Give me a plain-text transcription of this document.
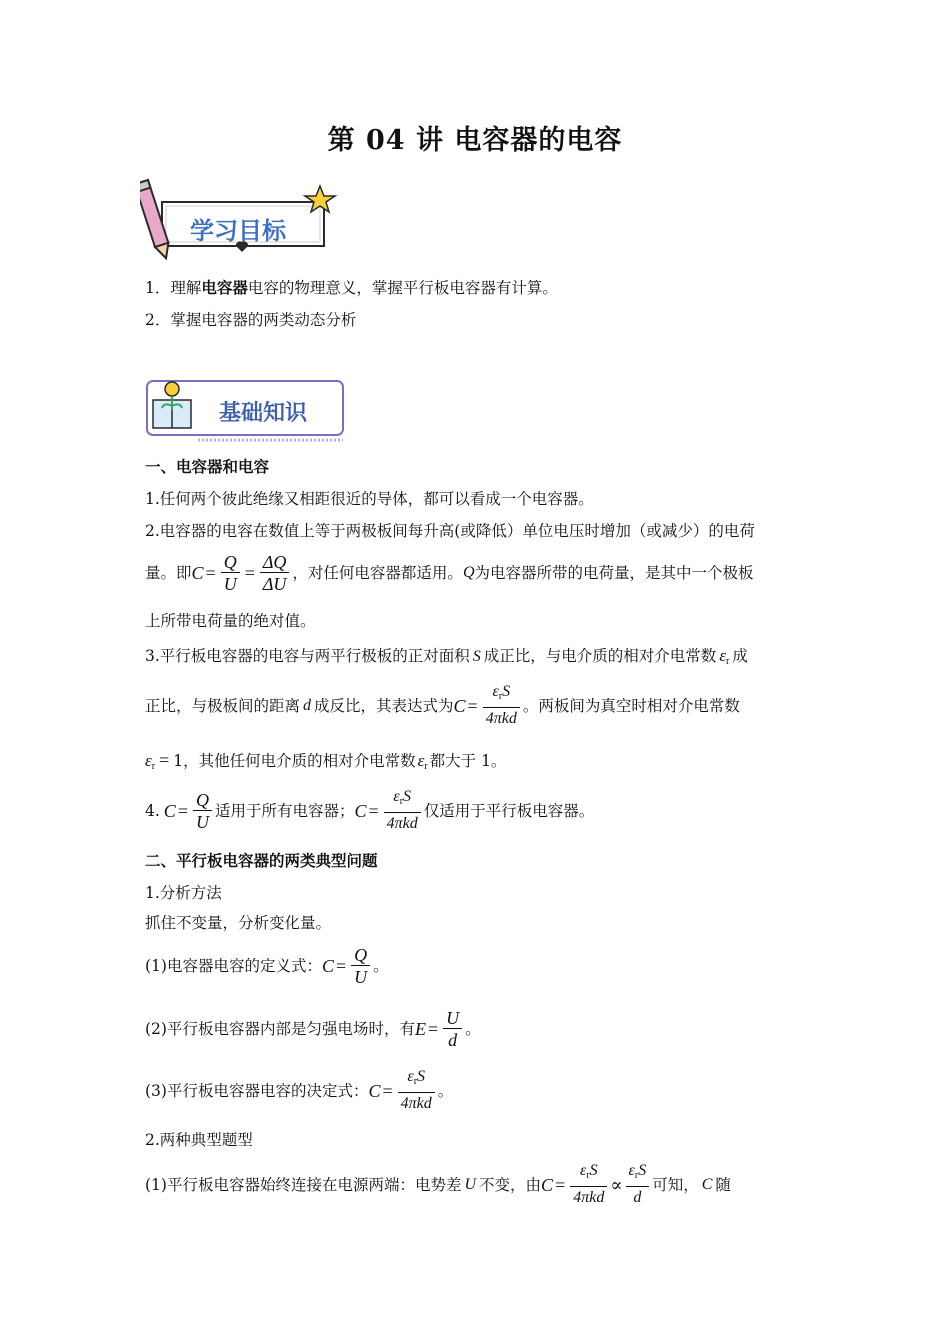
第 04 讲 电容器的电容
学习目标
1．理解电容器电容的物理意义，掌握平行板电容器有计算。
2．掌握电容器的两类动态分析
基础知识
一、电容器和电容
1.任何两个彼此绝缘又相距很近的导体，都可以看成一个电容器。
2.电容器的电容在数值上等于两极板间每升高(或降低）单位电压时增加（或减少）的电荷
量。即 $C = \frac{Q}{U} = \frac{\Delta Q}{\Delta U}$ ，对任何电容器都适用。 Q 为电容器所带的电荷量，是其中一个极板
上所带电荷量的绝对值。
3.平行板电容器的电容与两平行极板的正对面积 S 成正比，与电介质的相对介电常数 $\varepsilon_r$ 成
正比，与极板间的距离 d 成反比，其表达式为 $C = \frac{\varepsilon_rS}{\text{4πkd}}$ 。两板间为真空时相对介电常数
$\varepsilon_r = 1$，其他任何电介质的相对介电常数 $\varepsilon_r$ 都大于 1。
4. $C = \frac{Q}{U}$ 适用于所有电容器； $C = \frac{\varepsilon_rS}{\text{4πkd}}$ 仅适用于平行板电容器。
二、平行板电容器的两类典型问题
1.分析方法
抓住不变量，分析变化量。
(1)电容器电容的定义式： $C = \frac{Q}{U}$ 。
(2)平行板电容器内部是匀强电场时，有 $E = \frac{U}{d}$ 。
(3)平行板电容器电容的决定式： $C = \frac{\varepsilon_rS}{\text{4πkd}}$ 。
2.两种典型题型
(1)平行板电容器始终连接在电源两端：电势差 U 不变，由 $C = \frac{\varepsilon_rS}{\text{4πkd}} \propto \frac{\varepsilon_rS}{d}$ 可知， C 随
